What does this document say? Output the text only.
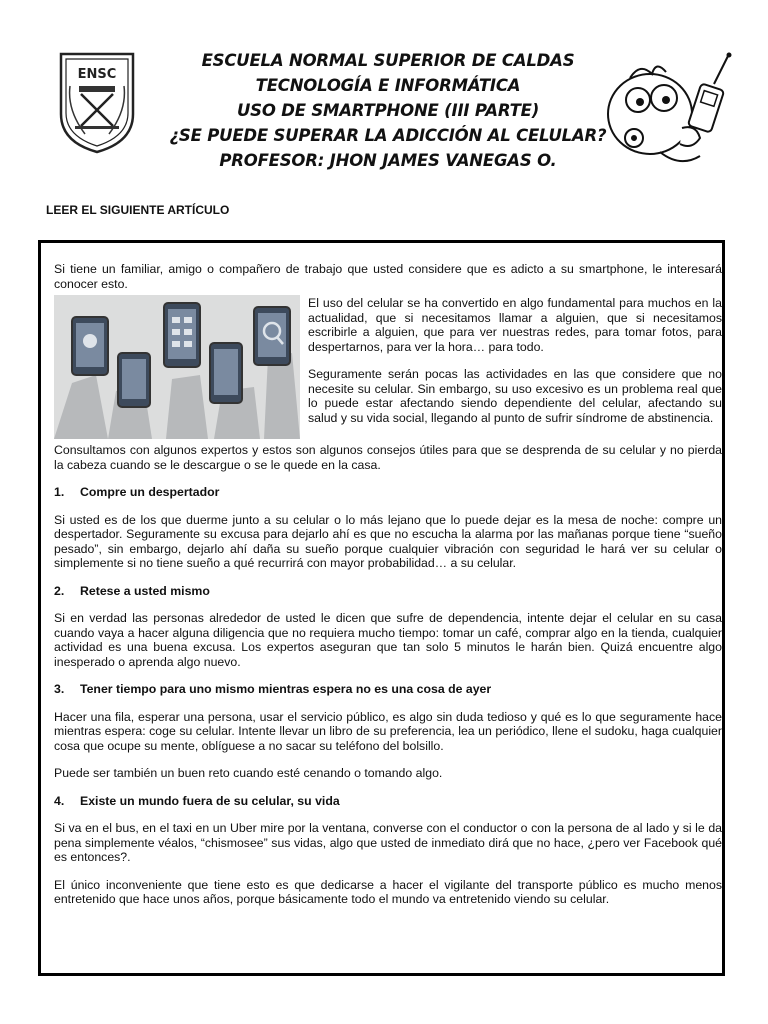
ENSC
ESCUELA NORMAL SUPERIOR DE CALDAS
TECNOLOGÍA E INFORMÁTICA
USO DE SMARTPHONE (III PARTE)
¿SE PUEDE SUPERAR LA ADICCIÓN AL CELULAR?
PROFESOR: JHON JAMES VANEGAS O.
LEER EL SIGUIENTE ARTÍCULO

Si tiene un familiar, amigo o compañero de trabajo que usted considere que es adicto a su smartphone, le interesará conocer esto.

El uso del celular se ha convertido en algo fundamental para muchos en la actualidad, que si necesitamos llamar a alguien, que si necesitamos escribirle a alguien, que para ver nuestras redes, para tomar fotos, para despertarnos, para ver la hora… para todo.

Seguramente serán pocas las actividades en las que considere que no necesite su celular. Sin embargo, su uso excesivo es un problema real que lo puede estar afectando siendo dependiente del celular, afectando su salud y su vida social, llegando al punto de sufrir síndrome de abstinencia.

Consultamos con algunos expertos y estos son algunos consejos útiles para que se desprenda de su celular y no pierda la cabeza cuando se le descargue o se le quede en la casa.

1. Compre un despertador

Si usted es de los que duerme junto a su celular o lo más lejano que lo puede dejar es la mesa de noche: compre un despertador. Seguramente su excusa para dejarlo ahí es que no escucha la alarma por las mañanas porque tiene “sueño pesado”, sin embargo, dejarlo ahí daña su sueño porque cualquier vibración con seguridad le hará ver su celular o simplemente si no tiene sueño a qué recurrirá con mayor probabilidad… a su celular.

2. Retese a usted mismo

Si en verdad las personas alrededor de usted le dicen que sufre de dependencia, intente dejar el celular en su casa cuando vaya a hacer alguna diligencia que no requiera mucho tiempo: tomar un café, comprar algo en la tienda, cualquier actividad es una buena excusa. Los expertos aseguran que tan solo 5 minutos le harán bien. Quizá encuentre algo inesperado o aprenda algo nuevo.

3. Tener tiempo para uno mismo mientras espera no es una cosa de ayer

Hacer una fila, esperar una persona, usar el servicio público, es algo sin duda tedioso y qué es lo que seguramente hace mientras espera: coge su celular. Intente llevar un libro de su preferencia, lea un periódico, llene el sudoku, haga cualquier cosa que ocupe su mente, oblíguese a no sacar su teléfono del bolsillo.

Puede ser también un buen reto cuando esté cenando o tomando algo.

4. Existe un mundo fuera de su celular, su vida

Si va en el bus, en el taxi en un Uber mire por la ventana, converse con el conductor o con la persona de al lado y si le da pena simplemente véalos, “chismosee” sus vidas, algo que usted de inmediato dirá que no hace, ¿pero ver Facebook qué es entonces?.

El único inconveniente que tiene esto es que dedicarse a hacer el vigilante del transporte público es mucho menos entretenido que hace unos años, porque básicamente todo el mundo va entretenido viendo su celular.
